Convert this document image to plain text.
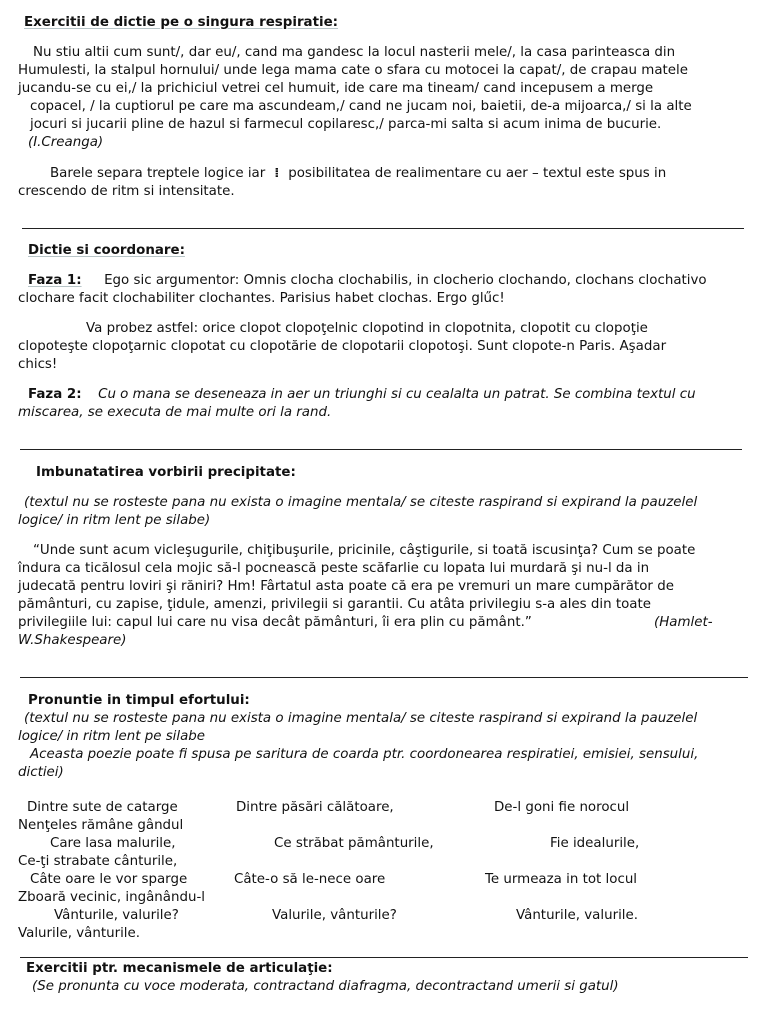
Exercitii de dictie pe o singura respiratie:
Nu stiu altii cum sunt/, dar eu/, cand ma gandesc la locul nasterii mele/, la casa parinteasca din
Humulesti, la stalpul hornului/ unde lega mama cate o sfara cu motocei la capat/, de crapau matele
jucandu-se cu ei,/ la prichiciul vetrei cel humuit, ide care ma tineam/ cand incepusem a merge
copacel, / la cuptiorul pe care ma ascundeam,/ cand ne jucam noi, baietii, de-a mijoarca,/ si la alte
jocuri si jucarii pline de hazul si farmecul copilaresc,/ parca-mi salta si acum inima de bucurie.
(I.Creanga)
Barele separa treptele logice iar  ⁞  posibilitatea de realimentare cu aer – textul este spus in
crescendo de ritm si intensitate.
Dictie si coordonare:
Faza 1: Ego sic argumentor: Omnis clocha clochabilis, in clocherio clochando, clochans clochativo
clochare facit clochabiliter clochantes. Parisius habet clochas. Ergo glűc!
Va probez astfel: orice clopot clopoţelnic clopotind in clopotnita, clopotit cu clopoţie
clopoteşte clopoţarnic clopotat cu clopotărie de clopotarii clopotoşi. Sunt clopote-n Paris. Aşadar
chics!
Faza 2: Cu o mana se deseneaza in aer un triunghi si cu cealalta un patrat. Se combina textul cu
miscarea, se executa de mai multe ori la rand.
Imbunatatirea vorbirii precipitate:
(textul nu se rosteste pana nu exista o imagine mentala/ se citeste raspirand si expirand la pauzelel
logice/ in ritm lent pe silabe)
“Unde sunt acum vicleşugurile, chiţibuşurile, pricinile, câştigurile, si toată iscusinţa? Cum se poate
îndura ca ticălosul cela mojic să-l pocnească peste scăfarlie cu lopata lui murdară şi nu-l da in
judecată pentru loviri şi răniri? Hm! Fârtatul asta poate că era pe vremuri un mare cumpărător de
pământuri, cu zapise, ţidule, amenzi, privilegii si garantii. Cu atâta privilegiu s-a ales din toate
privilegiile lui: capul lui care nu visa decât pământuri, îi era plin cu pământ.”	(Hamlet-
W.Shakespeare)
Pronuntie in timpul efortului:
(textul nu se rosteste pana nu exista o imagine mentala/ se citeste raspirand si expirand la pauzelel
logice/ in ritm lent pe silabe
Aceasta poezie poate fi spusa pe saritura de coarda ptr. coordonearea respiratiei, emisiei, sensului,
dictiei)
Dintre sute de catarge	Dintre păsări călătoare,	De-l goni fie norocul
Nenţeles rămâne gândul
Care lasa malurile,	Ce străbat pământurile,	Fie idealurile,
Ce-ţi strabate cânturile,
Câte oare le vor sparge	Câte-o să le-nece oare	Te urmeaza in tot locul
Zboară vecinic, ingânându-l
Vânturile, valurile?	Valurile, vânturile?	Vânturile, valurile.
Valurile, vânturile.
Exercitii ptr. mecanismele de articulaţie:
(Se pronunta cu voce moderata, contractand diafragma, decontractand umerii si gatul)
